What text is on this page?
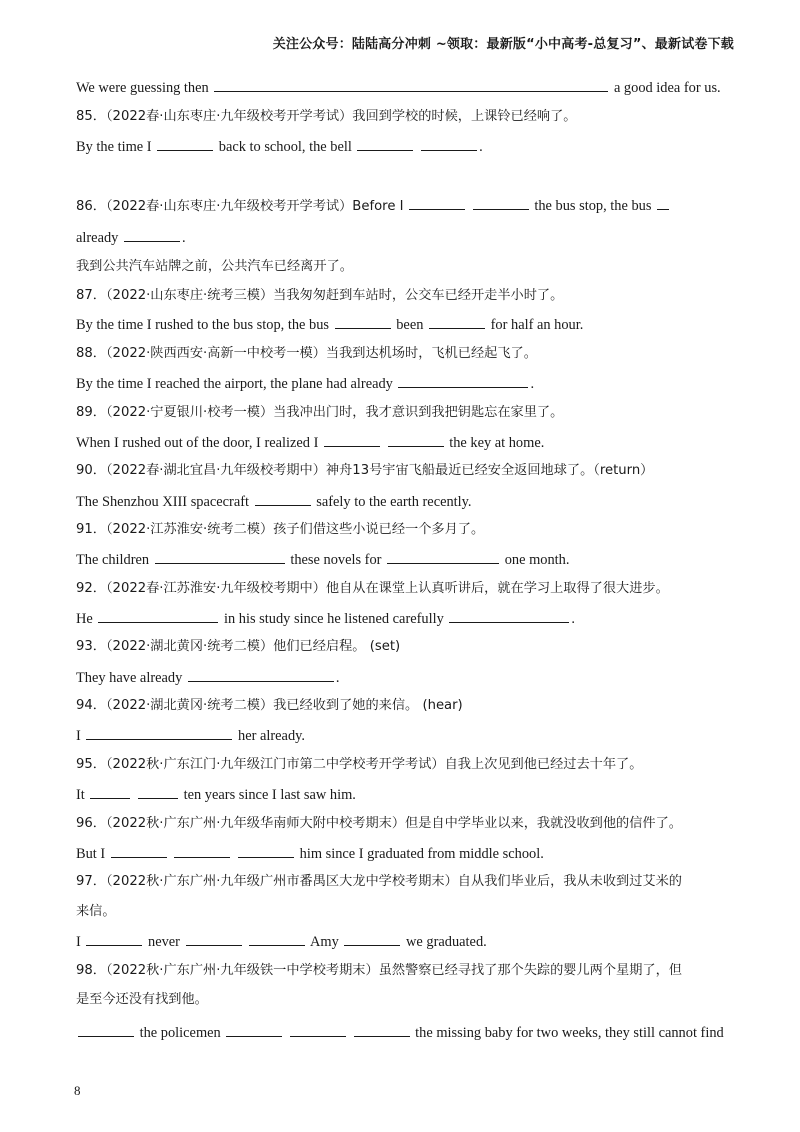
关注公众号：陆陆高分冲刺 ~领取：最新版“小中高考-总复习”、最新试卷下载
We were guessing then	a good idea for us.
85．（2022春·山东枣庄·九年级校考开学考试）我回到学校的时候，上课铃已经响了。
By the time I	back to school, the bell	.
86．（2022春·山东枣庄·九年级校考开学考试）Before I	the bus stop, the bus
already	.
我到公共汽车站牌之前，公共汽车已经离开了。
87．（2022·山东枣庄·统考三模）当我匆匆赶到车站时，公交车已经开走半小时了。
By the time I rushed to the bus stop, the bus	been	for half an hour.
88．（2022·陕西西安·高新一中校考一模）当我到达机场时，飞机已经起飞了。
By the time I reached the airport, the plane had already	.
89．（2022·宁夏银川·校考一模）当我冲出门时，我才意识到我把钥匙忘在家里了。
When I rushed out of the door, I realized I	the key at home.
90．（2022春·湖北宜昌·九年级校考期中）神舟13号宇宙飞船最近已经安全返回地球了。（return）
The Shenzhou XIII spacecraft	safely to the earth recently.
91．（2022·江苏淮安·统考二模）孩子们借这些小说已经一个多月了。
The children	these novels for	one month.
92．（2022春·江苏淮安·九年级校考期中）他自从在课堂上认真听讲后，就在学习上取得了很大进步。
He	in his study since he listened carefully	.
93．（2022·湖北黄冈·统考二模）他们已经启程。 (set)
They have already	.
94．（2022·湖北黄冈·统考二模）我已经收到了她的来信。 (hear)
I	her already.
95．（2022秋·广东江门·九年级江门市第二中学校考开学考试）自我上次见到他已经过去十年了。
It	ten years since I last saw him.
96．（2022秋·广东广州·九年级华南师大附中校考期末）但是自中学毕业以来，我就没收到他的信件了。
But I	him since I graduated from middle school.
97．（2022秋·广东广州·九年级广州市番禺区大龙中学校考期末）自从我们毕业后，我从未收到过艾米的
来信。
I	never	Amy	we graduated.
98．（2022秋·广东广州·九年级铁一中学校考期末）虽然警察已经寻找了那个失踪的婴儿两个星期了，但
是至今还没有找到他。
the policemen	the missing baby for two weeks, they still cannot find
8
